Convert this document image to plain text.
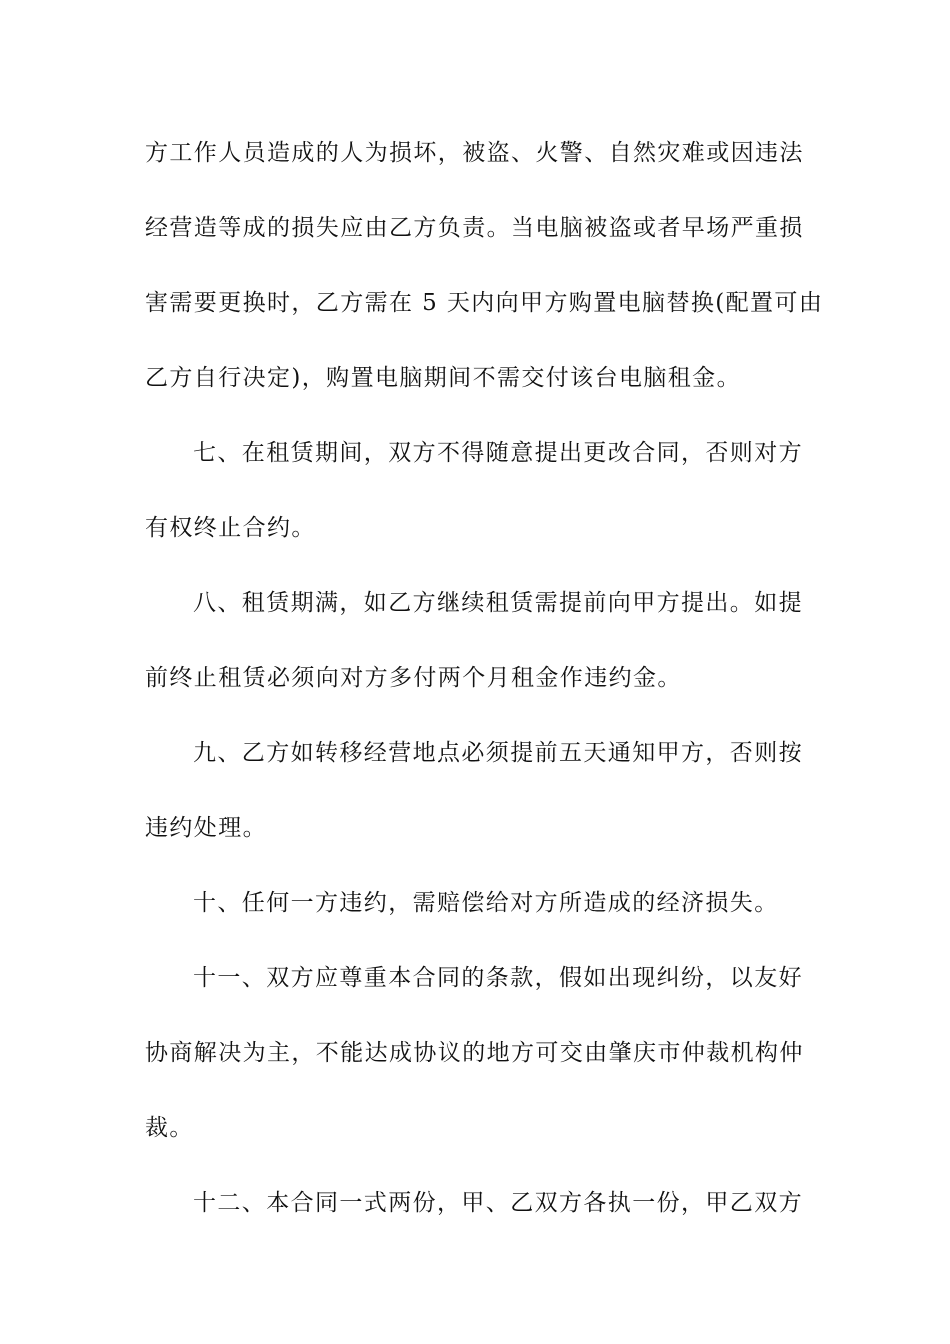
方工作人员造成的人为损坏，被盗、火警、自然灾难或因违法
经营造等成的损失应由乙方负责。当电脑被盗或者早场严重损
害需要更换时，乙方需在 5 天内向甲方购置电脑替换(配置可由
乙方自行决定)，购置电脑期间不需交付该台电脑租金。
七、在租赁期间，双方不得随意提出更改合同，否则对方
有权终止合约。
八、租赁期满，如乙方继续租赁需提前向甲方提出。如提
前终止租赁必须向对方多付两个月租金作违约金。
九、乙方如转移经营地点必须提前五天通知甲方，否则按
违约处理。
十、任何一方违约，需赔偿给对方所造成的经济损失。
十一、双方应尊重本合同的条款，假如出现纠纷，以友好
协商解决为主，不能达成协议的地方可交由肇庆市仲裁机构仲
裁。
十二、本合同一式两份，甲、乙双方各执一份，甲乙双方
